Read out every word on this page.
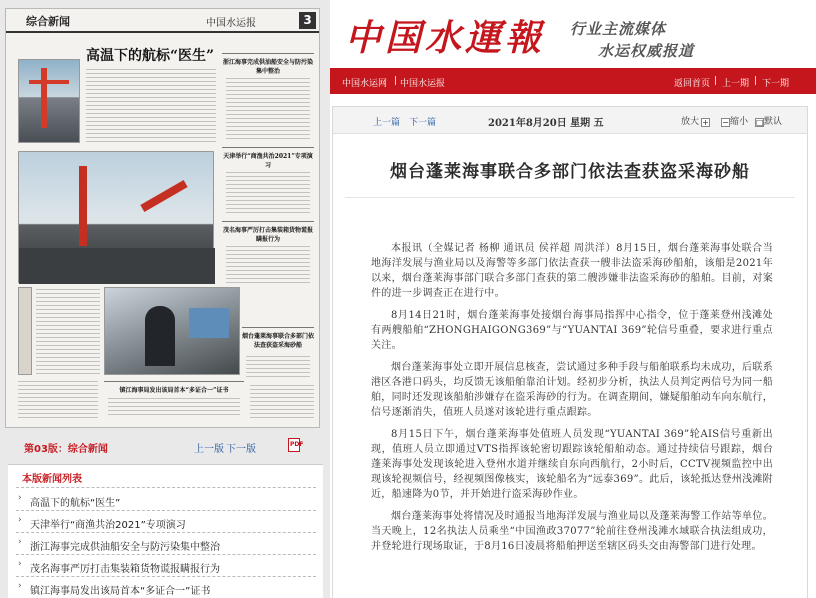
综合新闻	中国水运报	3
高温下的航标“医生” 浙江海事完成供油船安全与防污染集中整治
天津举行“商渔共治2021”专项演习
茂名海事严厉打击集装箱货物谎报瞒报行为
烟台蓬莱海事联合多部门依法查获盗采海砂船
镇江海事局发出该局首本“多证合一”证书
第03版：综合新闻	上一版 下一版	PDF
本版新闻列表
› 高温下的航标“医生”
› 天津举行“商渔共治2021”专项演习
› 浙江海事完成供油船安全与防污染集中整治
› 茂名海事严厉打击集装箱货物谎报瞒报行为
› 镇江海事局发出该局首本“多证合一”证书
中国水運報	行业主流媒体
水运权威报道
中国水运网 | 中国水运报	返回首页 | 上一期 | 下一期
上一篇 下一篇	2021年8月20日 星期 五	放大 +	−缩小 □默认
烟台蓬莱海事联合多部门依法查获盗采海砂船

本报讯（全媒记者 杨柳 通讯员 侯祥超 周洪洋）8月15日，烟台蓬莱海事处联合当地海洋发展与渔业局以及海警等多部门依法查获一艘非法盗采海砂船舶，该船是2021年以来，烟台蓬莱海事部门联合多部门查获的第二艘涉嫌非法盗采海砂的船舶。目前，对案件的进一步调查正在进行中。

8月14日21时，烟台蓬莱海事处接烟台海事局指挥中心指令，位于蓬莱登州浅滩处有两艘船舶“ZHONGHAIGONG369”与“YUANTAI 369”轮信号重叠，要求进行重点关注。

烟台蓬莱海事处立即开展信息核查，尝试通过多种手段与船舶联系均未成功，后联系港区各港口码头，均反馈无该船舶靠泊计划。经初步分析，执法人员判定两信号为同一船舶，同时还发现该船舶涉嫌存在盗采海砂的行为。在调查期间，嫌疑船舶动车向东航行，信号逐渐消失，值班人员遂对该轮进行重点跟踪。

8月15日下午，烟台蓬莱海事处值班人员发现“YUANTAI 369”轮AIS信号重新出现，值班人员立即通过VTS指挥该轮密切跟踪该轮船舶动态。通过持续信号跟踪，烟台蓬莱海事处发现该轮进入登州水道并继续自东向西航行，2小时后，CCTV视频监控中出现该轮视频信号，经视频图像核实，该轮船名为“远泰369”。此后，该轮抵达登州浅滩附近，船速降为0节，并开始进行盗采海砂作业。

烟台蓬莱海事处将情况及时通报当地海洋发展与渔业局以及蓬莱海警工作站等单位。当天晚上，12名执法人员乘坐“中国渔政37077”轮前往登州浅滩水域联合执法组成功，并登轮进行现场取证，于8月16日凌晨将船舶押送至辖区码头交由海警部门进行处理。
